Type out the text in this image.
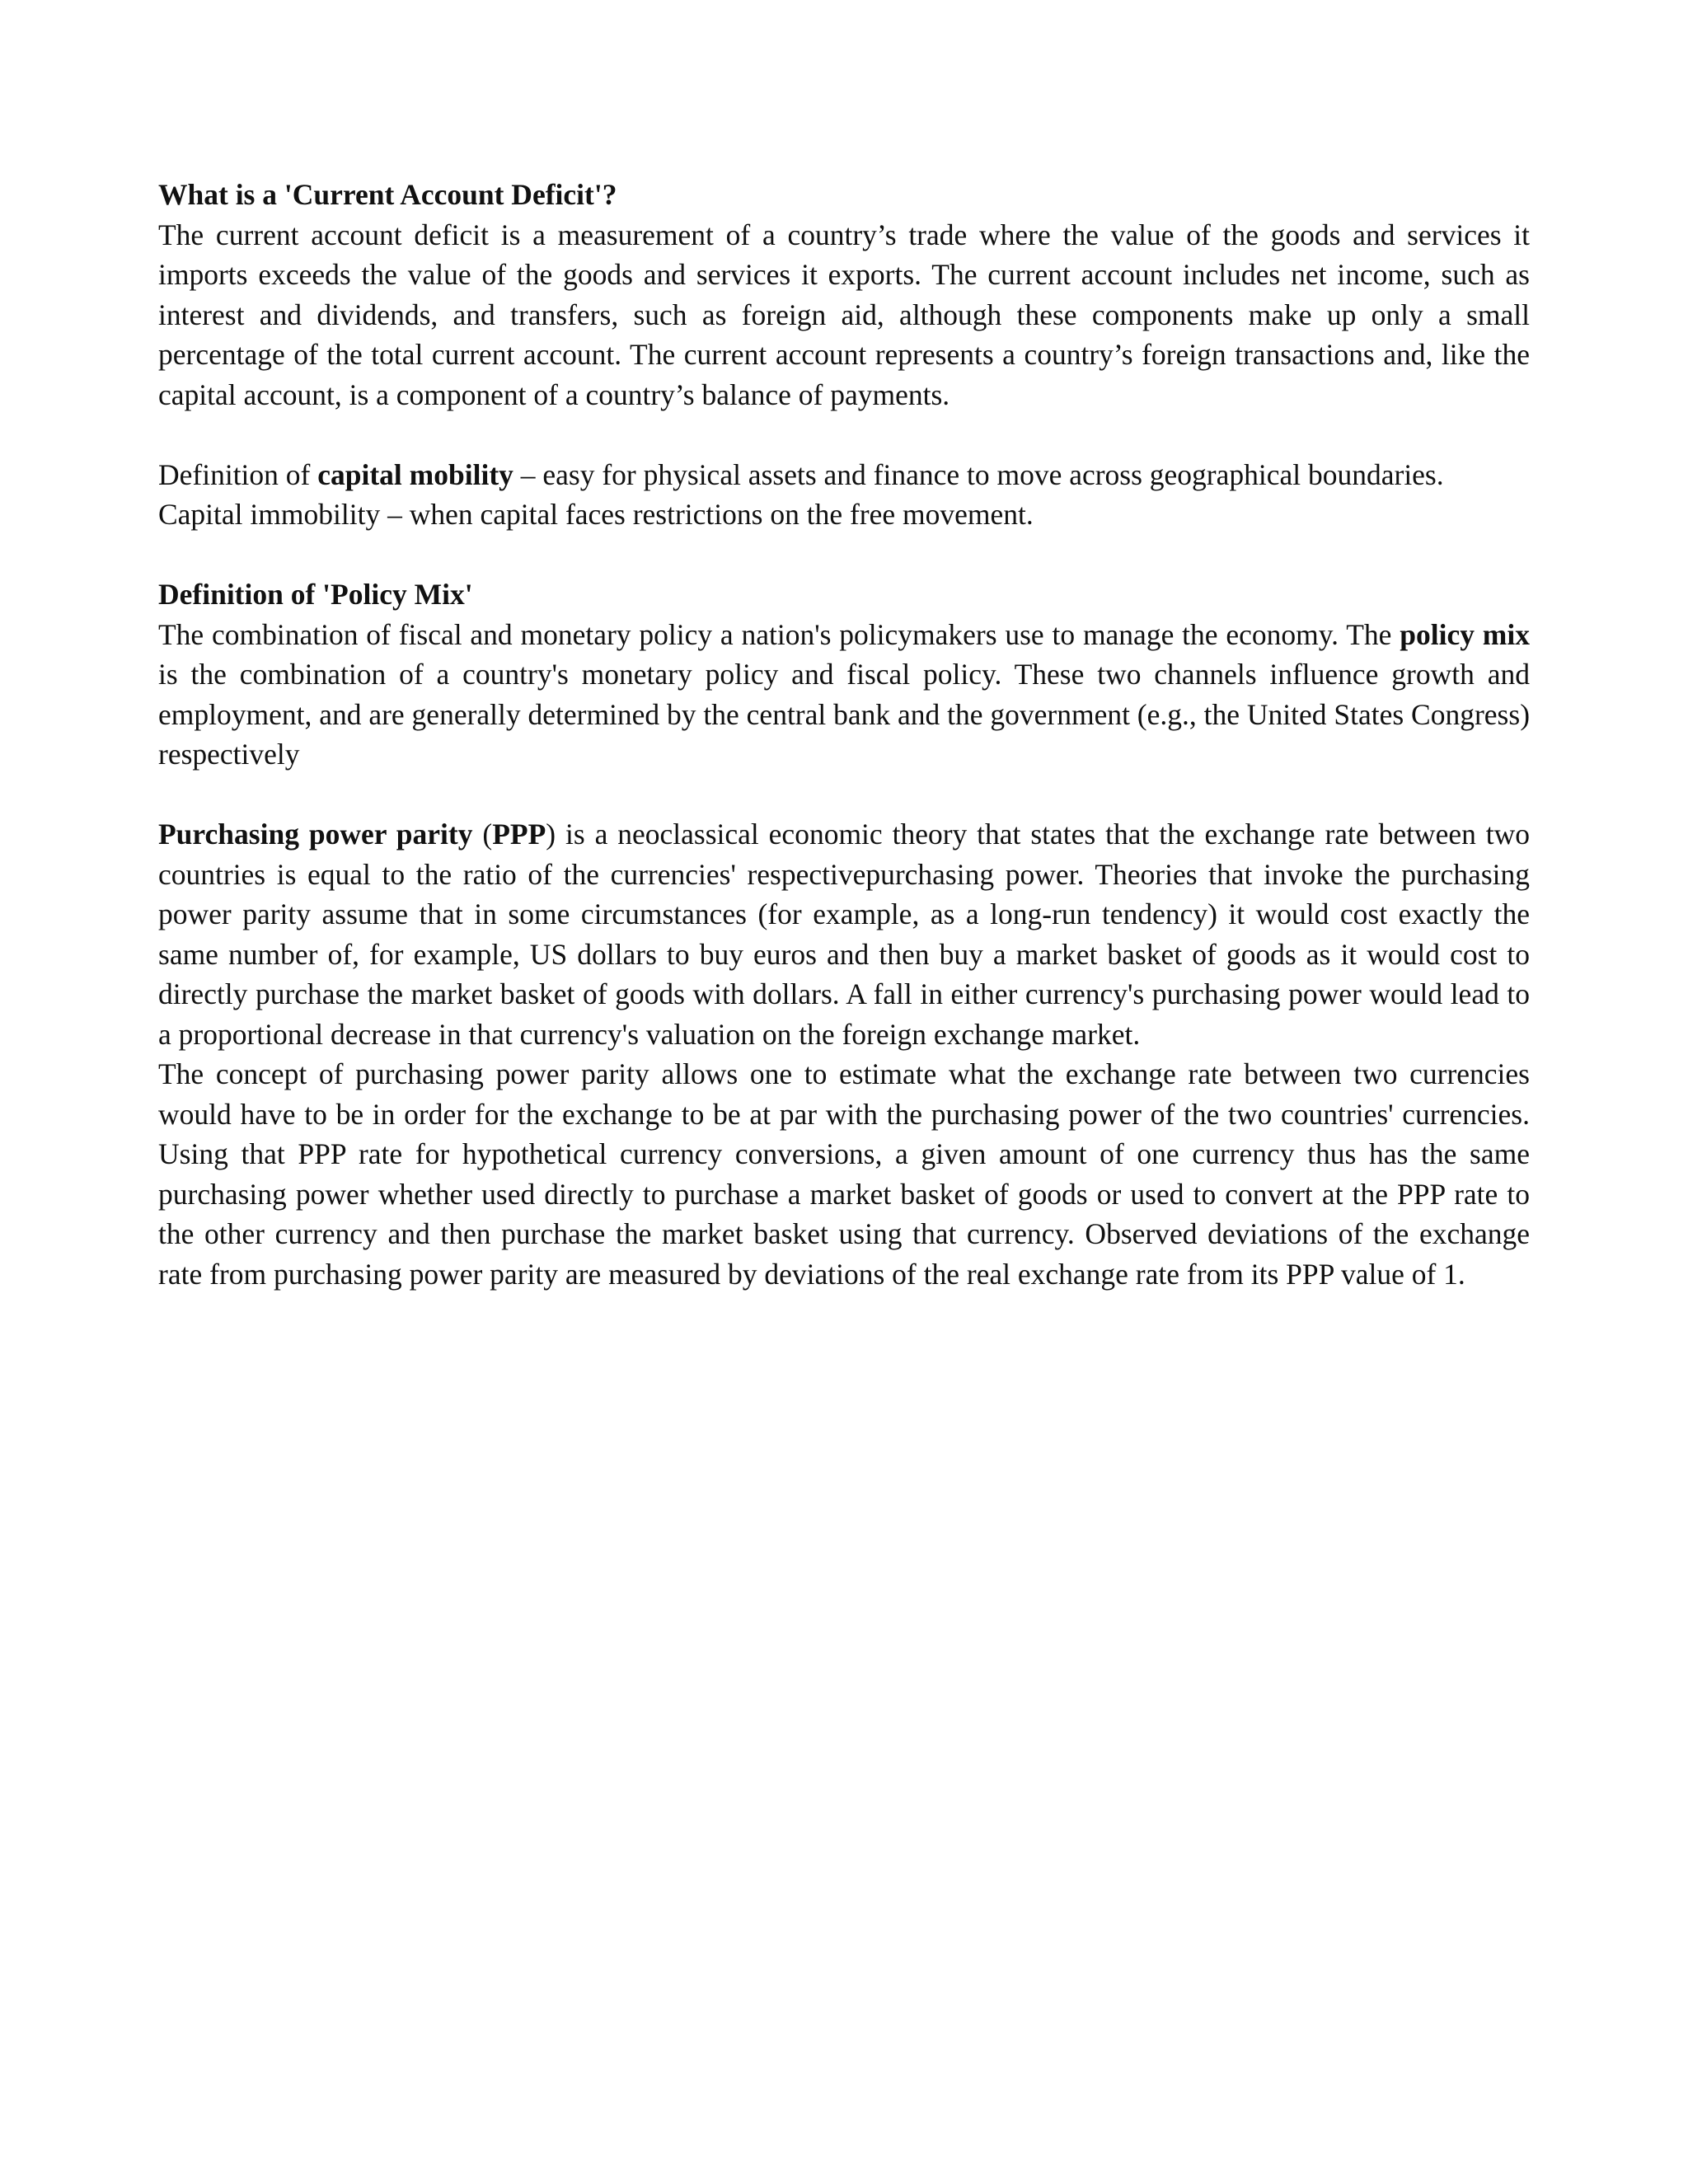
What is a 'Current Account Deficit'?

The current account deficit is a measurement of a country’s trade where the value of the goods and services it imports exceeds the value of the goods and services it exports. The current account includes net income, such as interest and dividends, and transfers, such as foreign aid, although these components make up only a small percentage of the total current account. The current account represents a country’s foreign transactions and, like the capital account, is a component of a country’s balance of payments.

Definition of capital mobility – easy for physical assets and finance to move across geographical boundaries.

Capital immobility – when capital faces restrictions on the free movement.

Definition of 'Policy Mix'

The combination of fiscal and monetary policy a nation's policymakers use to manage the economy. The policy mix is the combination of a country's monetary policy and fiscal policy. These two channels influence growth and employment, and are generally determined by the central bank and the government (e.g., the United States Congress) respectively

Purchasing power parity (PPP) is a neoclassical economic theory that states that the exchange rate between two countries is equal to the ratio of the currencies' respectivepurchasing power. Theories that invoke the purchasing power parity assume that in some circumstances (for example, as a long-run tendency) it would cost exactly the same number of, for example, US dollars to buy euros and then buy a market basket of goods as it would cost to directly purchase the market basket of goods with dollars. A fall in either currency's purchasing power would lead to a proportional decrease in that currency's valuation on the foreign exchange market.

The concept of purchasing power parity allows one to estimate what the exchange rate between two currencies would have to be in order for the exchange to be at par with the purchasing power of the two countries' currencies. Using that PPP rate for hypothetical currency conversions, a given amount of one currency thus has the same purchasing power whether used directly to purchase a market basket of goods or used to convert at the PPP rate to the other currency and then purchase the market basket using that currency. Observed deviations of the exchange rate from purchasing power parity are measured by deviations of the real exchange rate from its PPP value of 1.
